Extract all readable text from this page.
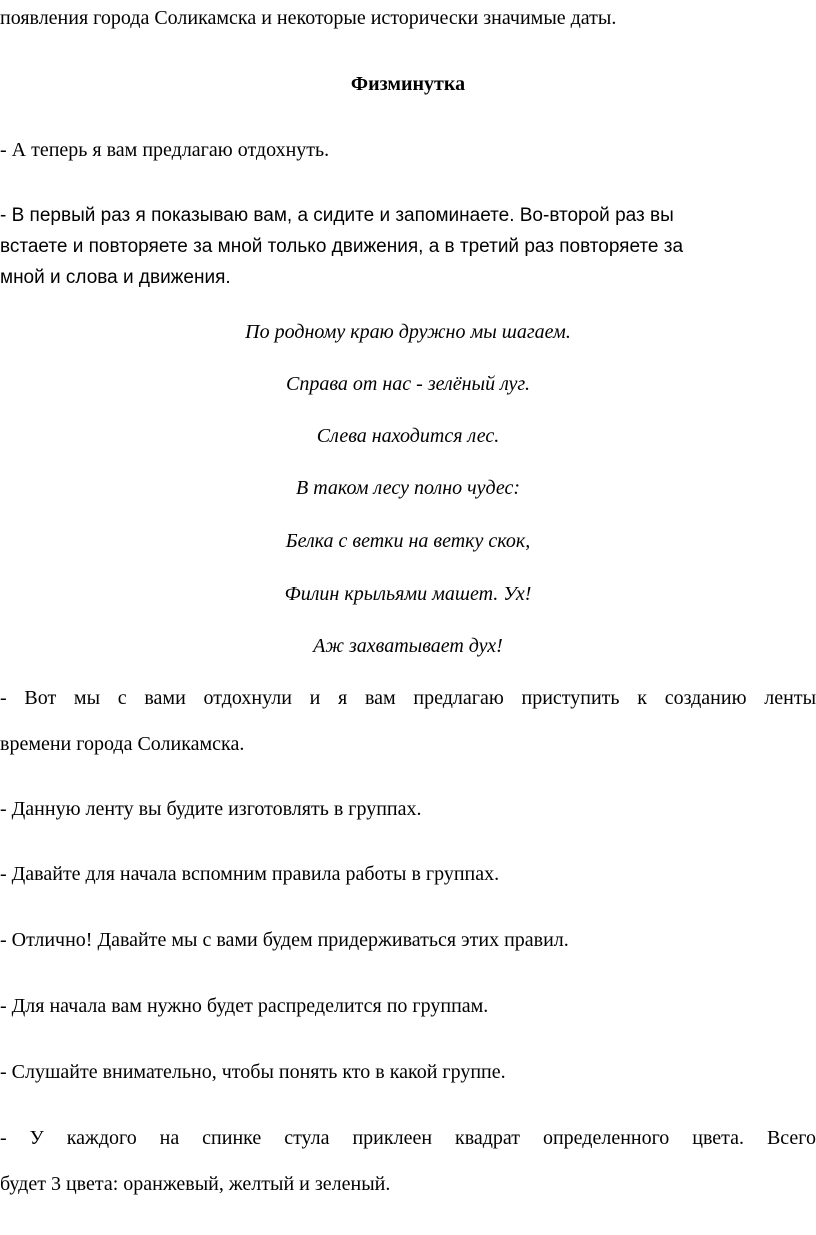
появления города Соликамска и некоторые исторически значимые даты.

Физминутка

- А теперь я вам предлагаю отдохнуть.

- В первый раз я показываю вам, а сидите и запоминаете. Во-второй раз вы

встаете и повторяете за мной только движения, а в третий раз повторяете за

мной и слова и движения.

По родному краю дружно мы шагаем.

Справа от нас - зелёный луг.

Слева находится лес.

В таком лесу полно чудес:

Белка с ветки на ветку скок,

Филин крыльями машет. Ух!

Аж захватывает дух!

- Вот мы с вами отдохнули и я вам предлагаю приступить к созданию ленты

времени города Соликамска.

- Данную ленту вы будите изготовлять в группах.

- Давайте для начала вспомним правила работы в группах.

- Отлично! Давайте мы с вами будем придерживаться этих правил.

- Для начала вам нужно будет распределится по группам.

- Слушайте внимательно, чтобы понять кто в какой группе.

- У каждого на спинке стула приклеен квадрат определенного цвета. Всего

будет 3 цвета: оранжевый, желтый и зеленый.
